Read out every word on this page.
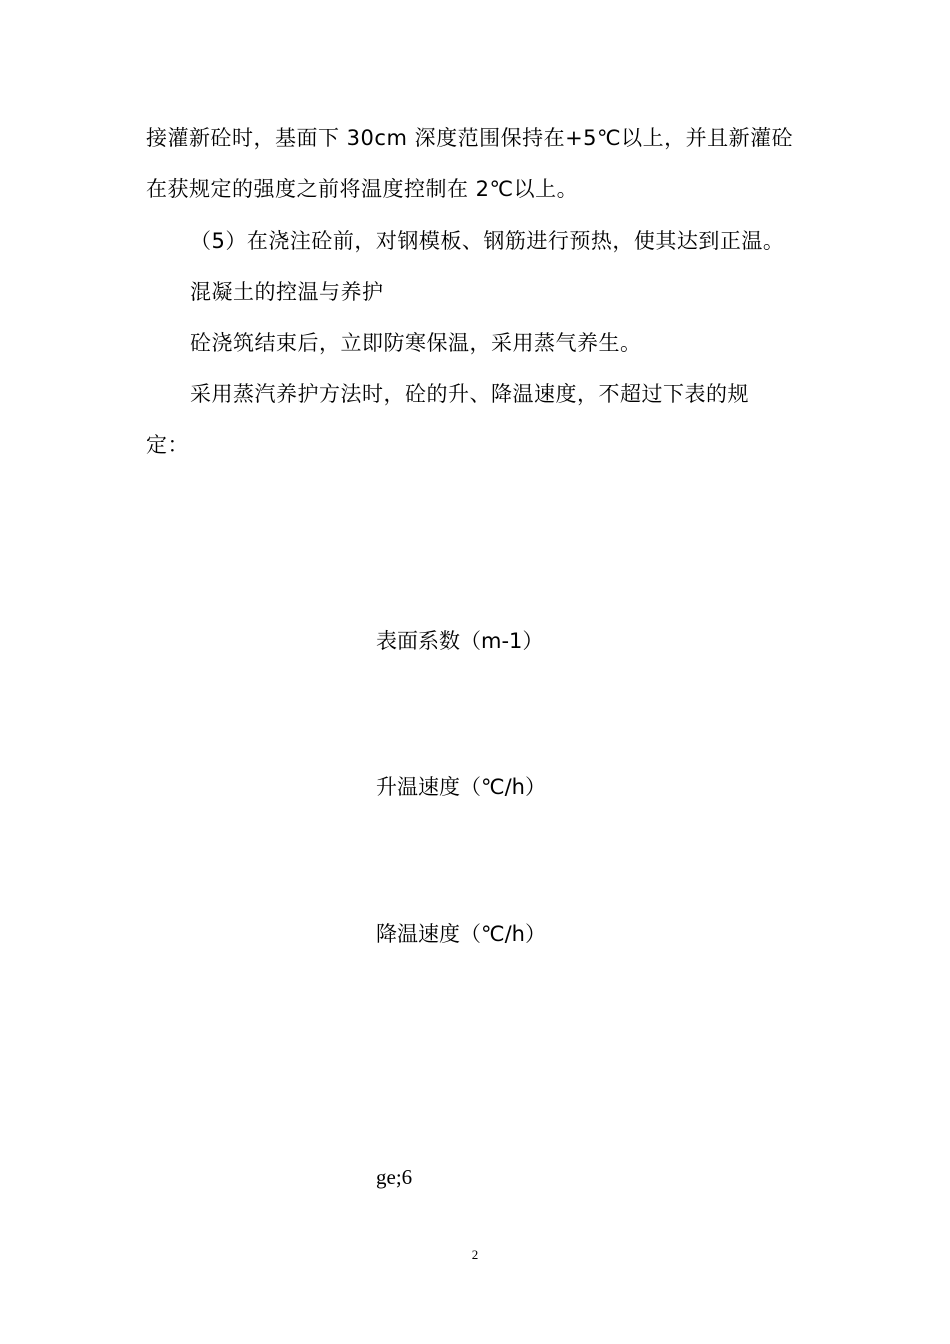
接灌新砼时，基面下 30cm 深度范围保持在+5℃以上，并且新灌砼
在获规定的强度之前将温度控制在 2℃以上。
（5）在浇注砼前，对钢模板、钢筋进行预热，使其达到正温。
混凝土的控温与养护
砼浇筑结束后，立即防寒保温，采用蒸气养生。
采用蒸汽养护方法时，砼的升、降温速度，不超过下表的规
定：
表面系数（m-1）
升温速度（℃/h）
降温速度（℃/h）
ge;6
2
